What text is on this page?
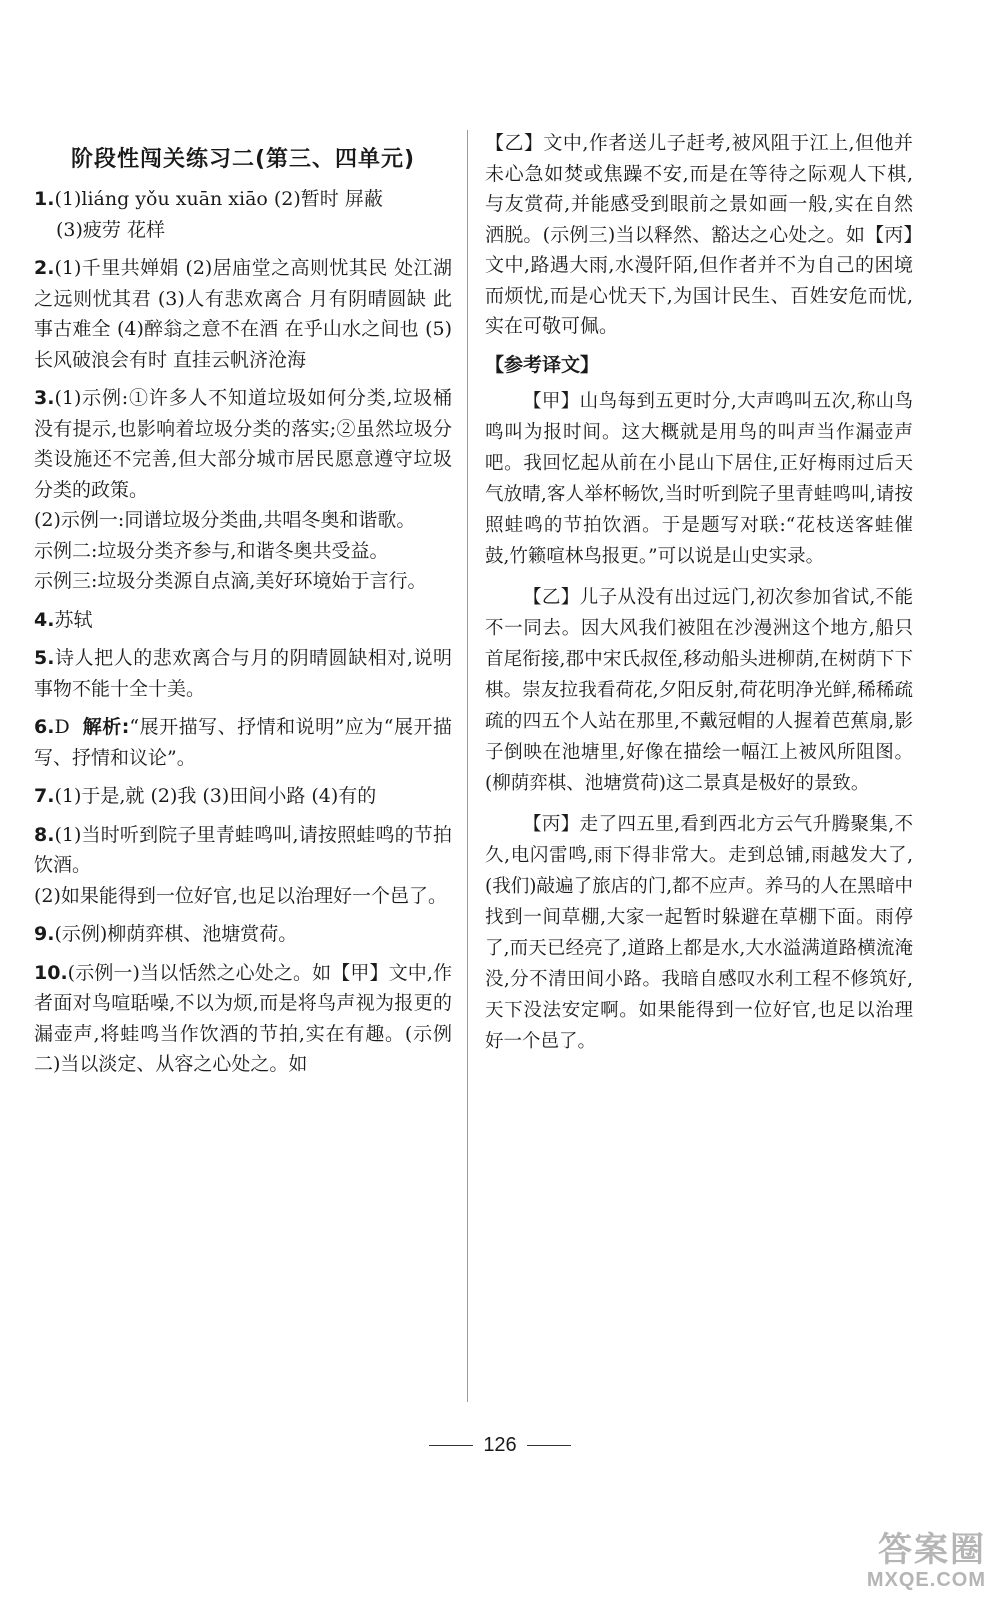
阶段性闯关练习二(第三、四单元)

1.(1)liáng yǒu xuān xiāo (2)暂时 屏蔽

(3)疲劳 花样

2.(1)千里共婵娟 (2)居庙堂之高则忧其民 处江湖之远则忧其君 (3)人有悲欢离合 月有阴晴圆缺 此事古难全 (4)醉翁之意不在酒 在乎山水之间也 (5)长风破浪会有时 直挂云帆济沧海

3.(1)示例:①许多人不知道垃圾如何分类,垃圾桶没有提示,也影响着垃圾分类的落实;②虽然垃圾分类设施还不完善,但大部分城市居民愿意遵守垃圾分类的政策。

(2)示例一:同谱垃圾分类曲,共唱冬奥和谐歌。

示例二:垃圾分类齐参与,和谐冬奥共受益。

示例三:垃圾分类源自点滴,美好环境始于言行。

4.苏轼

5.诗人把人的悲欢离合与月的阴晴圆缺相对,说明事物不能十全十美。

6.D 解析:“展开描写、抒情和说明”应为“展开描写、抒情和议论”。

7.(1)于是,就 (2)我 (3)田间小路 (4)有的

8.(1)当时听到院子里青蛙鸣叫,请按照蛙鸣的节拍饮酒。

(2)如果能得到一位好官,也足以治理好一个邑了。

9.(示例)柳荫弈棋、池塘赏荷。

10.(示例一)当以恬然之心处之。如【甲】文中,作者面对鸟喧聒噪,不以为烦,而是将鸟声视为报更的漏壶声,将蛙鸣当作饮酒的节拍,实在有趣。(示例二)当以淡定、从容之心处之。如

【乙】文中,作者送儿子赶考,被风阻于江上,但他并未心急如焚或焦躁不安,而是在等待之际观人下棋,与友赏荷,并能感受到眼前之景如画一般,实在自然洒脱。(示例三)当以释然、豁达之心处之。如【丙】文中,路遇大雨,水漫阡陌,但作者并不为自己的困境而烦忧,而是心忧天下,为国计民生、百姓安危而忧,实在可敬可佩。

【参考译文】

【甲】山鸟每到五更时分,大声鸣叫五次,称山鸟鸣叫为报时间。这大概就是用鸟的叫声当作漏壶声吧。我回忆起从前在小昆山下居住,正好梅雨过后天气放晴,客人举杯畅饮,当时听到院子里青蛙鸣叫,请按照蛙鸣的节拍饮酒。于是题写对联:“花枝送客蛙催鼓,竹籁喧林鸟报更。”可以说是山史实录。

【乙】儿子从没有出过远门,初次参加省试,不能不一同去。因大风我们被阻在沙漫洲这个地方,船只首尾衔接,郡中宋氏叔侄,移动船头进柳荫,在树荫下下棋。崇友拉我看荷花,夕阳反射,荷花明净光鲜,稀稀疏疏的四五个人站在那里,不戴冠帽的人握着芭蕉扇,影子倒映在池塘里,好像在描绘一幅江上被风所阻图。(柳荫弈棋、池塘赏荷)这二景真是极好的景致。

【丙】走了四五里,看到西北方云气升腾聚集,不久,电闪雷鸣,雨下得非常大。走到总铺,雨越发大了,(我们)敲遍了旅店的门,都不应声。养马的人在黑暗中找到一间草棚,大家一起暂时躲避在草棚下面。雨停了,而天已经亮了,道路上都是水,大水溢满道路横流淹没,分不清田间小路。我暗自感叹水利工程不修筑好,天下没法安定啊。如果能得到一位好官,也足以治理好一个邑了。

126
答案圈
MXQE.COM
